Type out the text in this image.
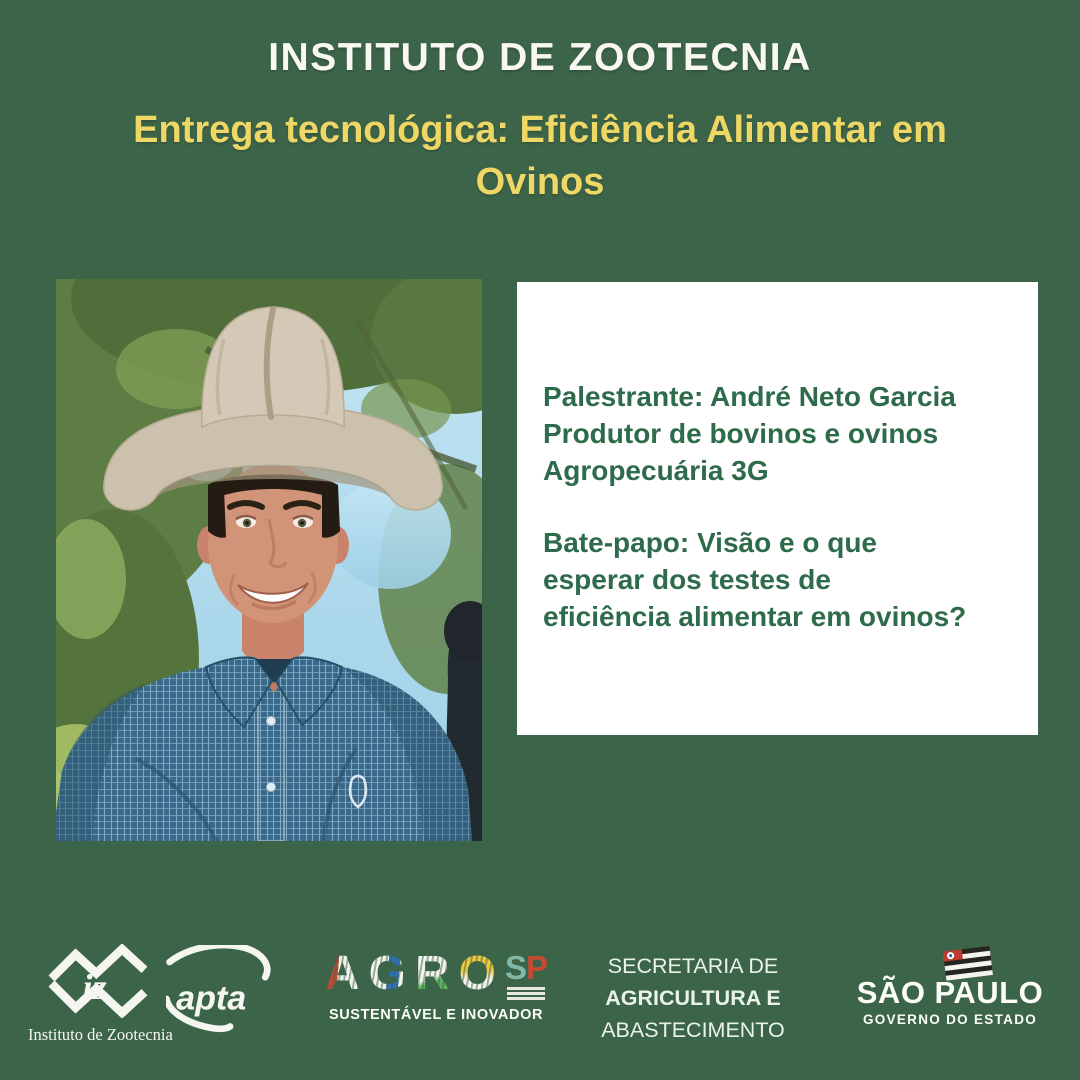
INSTITUTO DE ZOOTECNIA
Entrega tecnológica: Eficiência Alimentar em
Ovinos

Palestrante: André Neto Garcia
Produtor de bovinos e ovinos
Agropecuária 3G

Bate-papo: Visão e o que
esperar dos testes de
eficiência alimentar em ovinos?

iz
Instituto de Zootecnia
apta A G R O SP
SUSTENTÁVEL E INOVADOR
SECRETARIA DE
AGRICULTURA E
ABASTECIMENTO
SÃO PAULO
GOVERNO DO ESTADO
